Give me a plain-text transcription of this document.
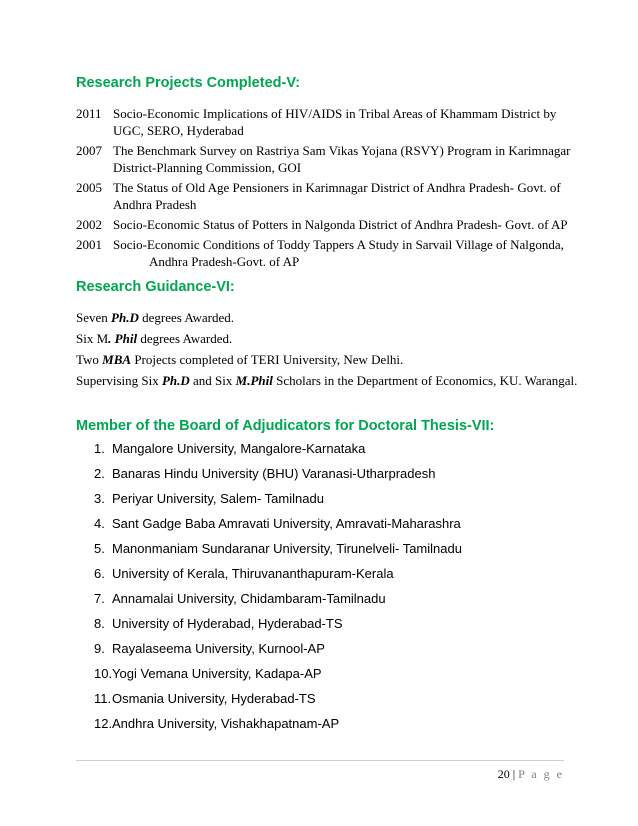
Research Projects Completed-V:
2011 Socio-Economic Implications of HIV/AIDS in Tribal Areas of Khammam District by
UGC, SERO, Hyderabad
2007 The Benchmark Survey on Rastriya Sam Vikas Yojana (RSVY) Program in Karimnagar
District-Planning Commission, GOI
2005 The Status of Old Age Pensioners in Karimnagar District of Andhra Pradesh- Govt. of
Andhra Pradesh
2002 Socio-Economic Status of Potters in Nalgonda District of Andhra Pradesh- Govt. of AP
2001 Socio-Economic Conditions of Toddy Tappers A Study in Sarvail Village of Nalgonda,
Andhra Pradesh-Govt. of AP
Research Guidance-VI:
Seven Ph.D degrees Awarded.
Six M. Phil degrees Awarded.
Two MBA Projects completed of TERI University, New Delhi.
Supervising Six Ph.D and Six M.Phil Scholars in the Department of Economics, KU. Warangal.
Member of the Board of Adjudicators for Doctoral Thesis-VII:
1. Mangalore University, Mangalore-Karnataka
2. Banaras Hindu University (BHU) Varanasi-Utharpradesh
3. Periyar University, Salem- Tamilnadu
4. Sant Gadge Baba Amravati University, Amravati-Maharashra
5. Manonmaniam Sundaranar University, Tirunelveli- Tamilnadu
6. University of Kerala, Thiruvananthapuram-Kerala
7. Annamalai University, Chidambaram-Tamilnadu
8. University of Hyderabad, Hyderabad-TS
9. Rayalaseema University, Kurnool-AP
10.Yogi Vemana University, Kadapa-AP
11.Osmania University, Hyderabad-TS
12.Andhra University, Vishakhapatnam-AP
20 | P a g e
